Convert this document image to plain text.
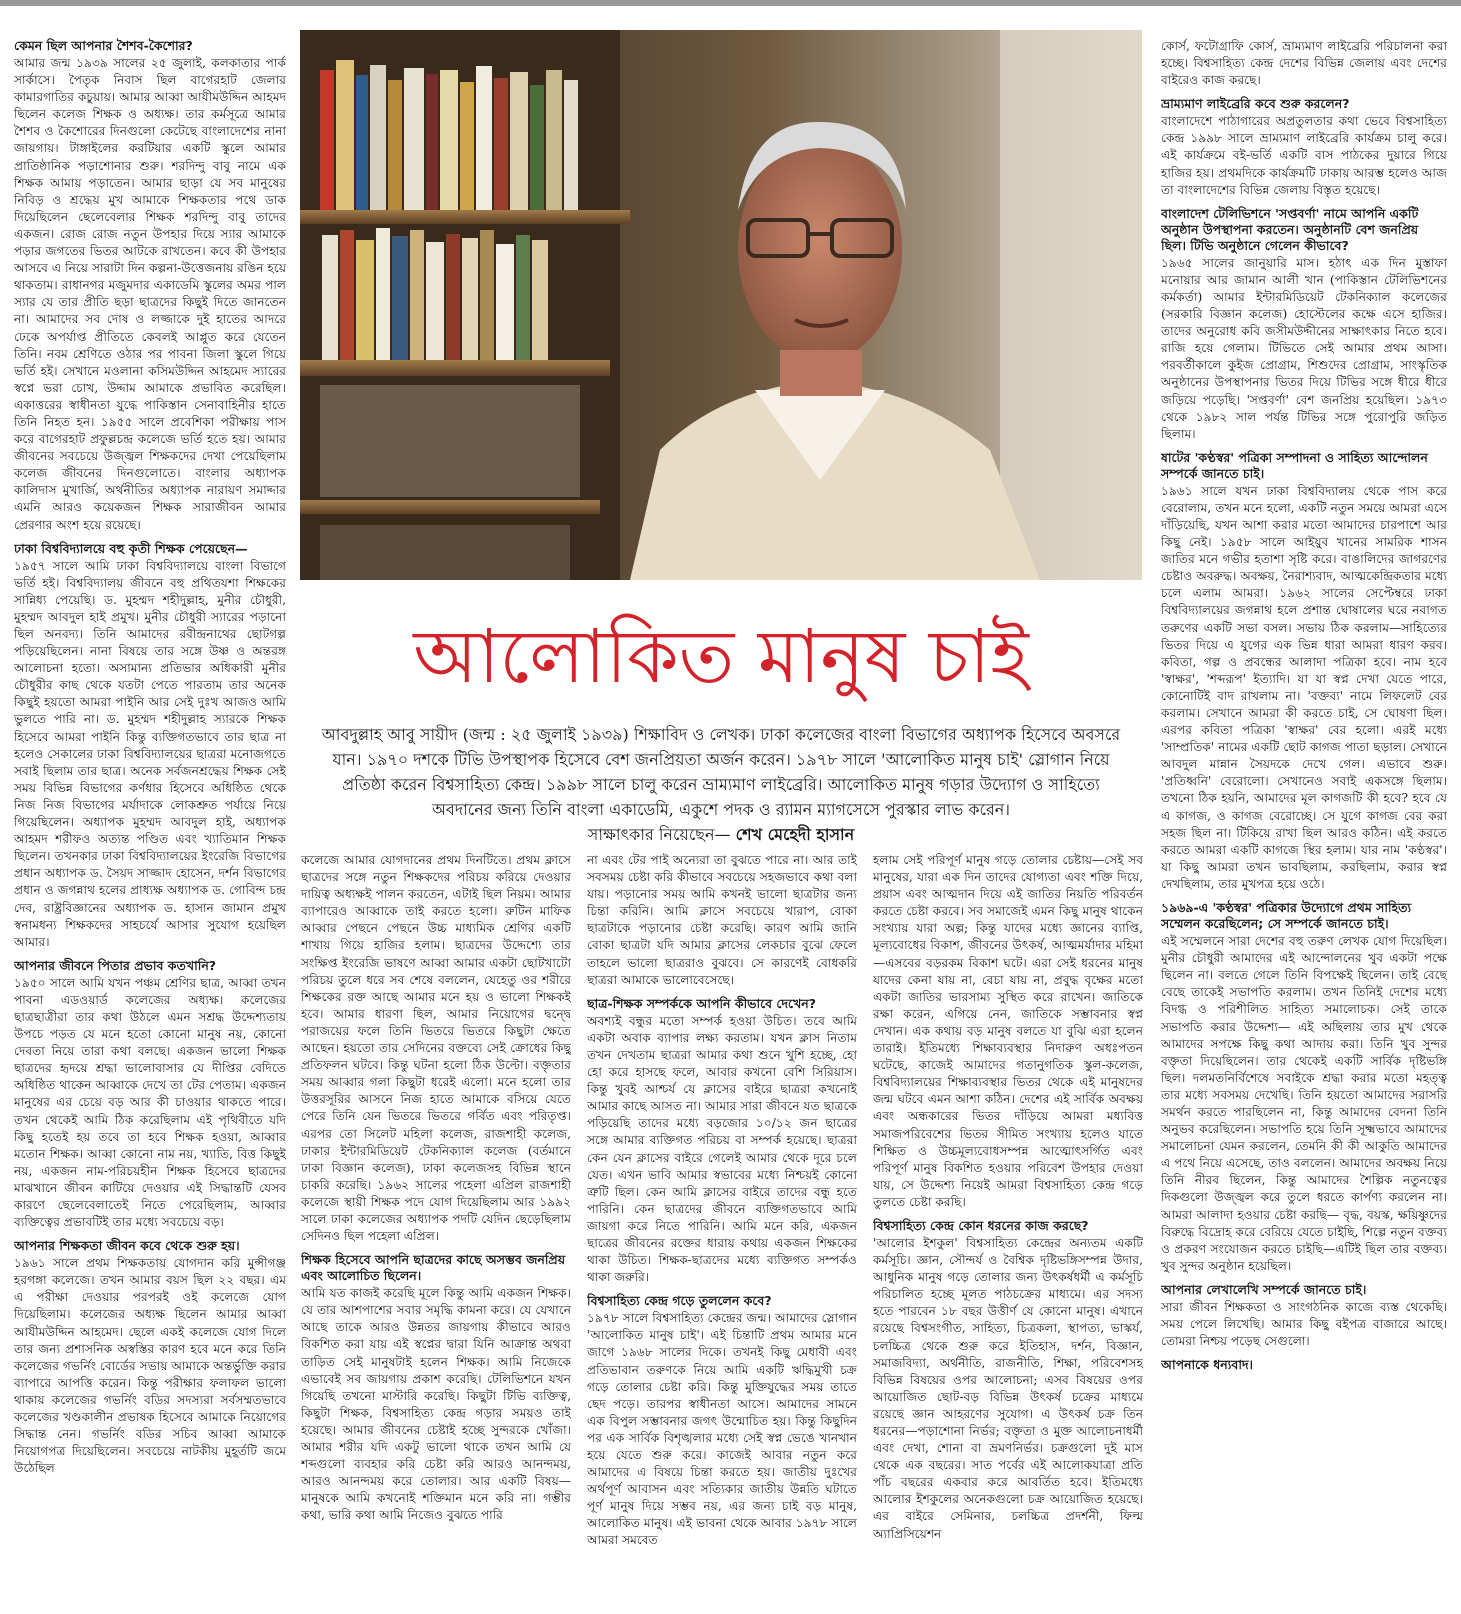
কেমন ছিল আপনার শৈশব-কৈশোর?

আমার জন্ম ১৯৩৯ সালের ২৫ জুলাই, কলকাতার পার্ক সার্কাসে। পৈতৃক নিবাস ছিল বাগেরহাট জেলার কামারগাতির কচুয়ায়। আমার আব্বা আযীমউদ্দিন আহমদ ছিলেন কলেজ শিক্ষক ও অধ্যক্ষ। তার কর্মসূত্রে আমার শৈশব ও কৈশোরের দিনগুলো কেটেছে বাংলাদেশের নানা জায়গায়। টাঙ্গাইলের করটিয়ার একটি স্কুলে আমার প্রাতিষ্ঠানিক পড়াশোনার শুরু। শরদিন্দু বাবু নামে এক শিক্ষক আমায় পড়াতেন। আমার ছাড়া যে সব মানুষের নিবিড় ও শ্রদ্ধেয় মুখ আমাকে শিক্ষকতার পথে ডাক দিয়েছিলেন ছেলেবেলার শিক্ষক শরদিন্দু বাবু তাদের একজন। রোজ রোজ নতুন উপহার দিয়ে স্যার আমাকে পড়ার জগতের ভিতর আটকে রাখতেন। কবে কী উপহার আসবে এ নিয়ে সারাটা দিন কল্পনা-উত্তেজনায় রঙিন হয়ে থাকতাম। রাধানগর মজুমদার একাডেমি স্কুলের অমর পাল স্যার যে তার প্রীতি ছড়া ছাত্রদের কিছুই দিতে জানতেন না। আমাদের সব দোষ ও লজ্জাকে দুই হাতের আদরে ঢেকে অপর্যাপ্ত প্রীতিতে কেবলই আপ্লুত করে যেতেন তিনি। নবম শ্রেণিতে ওঠার পর পাবনা জিলা স্কুলে গিয়ে ভর্তি হই। সেখানে মওলানা কসিমউদ্দিন আহমেদ স্যারের স্বপ্নে ভরা চোখ, উদ্দাম আমাকে প্রভাবিত করেছিল। একাত্তরের স্বাধীনতা যুদ্ধে পাকিস্তান সেনাবাহিনীর হাতে তিনি নিহত হন। ১৯৫৫ সালে প্রবেশিকা পরীক্ষায় পাস করে বাগেরহাট প্রফুল্লচন্দ্র কলেজে ভর্তি হতে হয়। আমার জীবনের সবচেয়ে উজ্জ্বল শিক্ষকদের দেখা পেয়েছিলাম কলেজ জীবনের দিনগুলোতে। বাংলার অধ্যাপক কালিদাস মুখার্জি, অর্থনীতির অধ্যাপক নারায়ণ সমাদ্দার এমনি আরও কয়েকজন শিক্ষক সারাজীবন আমার প্রেরণার অংশ হয়ে রয়েছে।

ঢাকা বিশ্ববিদ্যালয়ে বহু কৃতী শিক্ষক পেয়েছেন—

১৯৫৭ সালে আমি ঢাকা বিশ্ববিদ্যালয়ে বাংলা বিভাগে ভর্তি হই। বিশ্ববিদ্যালয় জীবনে বহু প্রথিতযশা শিক্ষকের সান্নিধ্য পেয়েছি। ড. মুহম্মদ শহীদুল্লাহ, মুনীর চৌধুরী, মুহম্মদ আবদুল হাই প্রমুখ। মুনীর চৌধুরী স্যারের পড়ানো ছিল অনবদ্য। তিনি আমাদের রবীন্দ্রনাথের ছোটগল্প পড়িয়েছিলেন। নানা বিষয়ে তার সঙ্গে উষ্ণ ও অন্তরঙ্গ আলোচনা হতো। অসামান্য প্রতিভার অধিকারী মুনীর চৌধুরীর কাছ থেকে যতটা পেতে পারতাম তার অনেক কিছুই হয়তো আমরা পাইনি আর সেই দুঃখ আজও আমি ভুলতে পারি না। ড. মুহম্মদ শহীদুল্লাহ স্যারকে শিক্ষক হিসেবে আমরা পাইনি কিন্তু ব্যক্তিগতভাবে তার ছাত্র না হলেও সেকালের ঢাকা বিশ্ববিদ্যালয়ের ছাত্ররা মনোজগতে সবাই ছিলাম তার ছাত্র। অনেক সর্বজনশ্রদ্ধেয় শিক্ষক সেই সময় বিভিন্ন বিভাগের কর্ণধার হিসেবে অধিষ্ঠিত থেকে নিজ নিজ বিভাগের মর্যাদাকে লোকশ্রুত পর্যায়ে নিয়ে গিয়েছিলেন। অধ্যাপক মুহম্মদ আবদুল হাই, অধ্যাপক আহমদ শরীফও অত্যন্ত পণ্ডিত এবং খ্যাতিমান শিক্ষক ছিলেন। তখনকার ঢাকা বিশ্ববিদ্যালয়ের ইংরেজি বিভাগের প্রধান অধ্যাপক ড. সৈয়দ সাজ্জাদ হোসেন, দর্শন বিভাগের প্রধান ও জগন্নাথ হলের প্রাধ্যক্ষ অধ্যাপক ড. গোবিন্দ চন্দ্র দেব, রাষ্ট্রবিজ্ঞানের অধ্যাপক ড. হাসান জামান প্রমুখ স্বনামধন্য শিক্ষকদের সাহচর্যে আসার সুযোগ হয়েছিল আমার।

আপনার জীবনে পিতার প্রভাব কতখানি?

১৯৫০ সালে আমি যখন পঞ্চম শ্রেণির ছাত্র, আব্বা তখন পাবনা এডওয়ার্ড কলেজের অধ্যক্ষ। কলেজের ছাত্রছাত্রীরা তার কথা উঠলে এমন সশ্রদ্ধ উদ্দেশ্যতায় উপচে পড়ত যে মনে হতো কোনো মানুষ নয়, কোনো দেবতা নিয়ে তারা কথা বলছে। একজন ভালো শিক্ষক ছাত্রদের হৃদয়ে শ্রদ্ধা ভালোবাসার যে দীপ্তির বেদিতে অধিষ্ঠিত থাকেন আব্বাকে দেখে তা টের পেতাম। একজন মানুষের এর চেয়ে বড় আর কী চাওয়ার থাকতে পারে। তখন থেকেই আমি ঠিক করেছিলাম এই পৃথিবীতে যদি কিছু হতেই হয় তবে তা হবে শিক্ষক হওয়া, আব্বার মতোন শিক্ষক। আব্বা কোনো নাম নয়, খ্যাতি, বিত্ত কিছুই নয়, একজন নাম-পরিচয়হীন শিক্ষক হিসেবে ছাত্রদের মাঝখানে জীবন কাটিয়ে দেওয়ার এই সিদ্ধান্তটি যেসব কারণে ছেলেবেলাতেই নিতে পেরেছিলাম, আব্বার ব্যক্তিত্বের প্রভাবটিই তার মধ্যে সবচেয়ে বড়।

আপনার শিক্ষকতা জীবন কবে থেকে শুরু হয়।

১৯৬১ সালে প্রথম শিক্ষকতায় যোগদান করি মুন্সীগঞ্জ হরগঙ্গা কলেজে। তখন আমার বয়স ছিল ২২ বছর। এম এ পরীক্ষা দেওয়ার পরপরই ওই কলেজে যোগ দিয়েছিলাম। কলেজের অধ্যক্ষ ছিলেন আমার আব্বা আযীমউদ্দিন আহমেদ। ছেলে একই কলেজে যোগ দিলে তার জন্য প্রশাসনিক অস্বস্তির কারণ হবে মনে করে তিনি কলেজের গভর্নিং বোর্ডের সভায় আমাকে অন্তর্ভুক্তি করার ব্যাপারে আপত্তি করেন। কিন্তু পরীক্ষার ফলাফল ভালো থাকায় কলেজের গভর্নিং বডির সদস্যরা সর্বসম্মতভাবে কলেজের খণ্ডকালীন প্রভাষক হিসেবে আমাকে নিয়োগের সিদ্ধান্ত নেন। গভর্নিং বডির সচিব আব্বা আমাকে নিয়োগপত্র দিয়েছিলেন। সবচেয়ে নাটকীয় মুহূর্তটি জমে উঠেছিল

আলোকিত মানুষ চাই

আবদুল্লাহ আবু সায়ীদ (জন্ম : ২৫ জুলাই ১৯৩৯) শিক্ষাবিদ ও লেখক। ঢাকা কলেজের বাংলা বিভাগের অধ্যাপক হিসেবে অবসরে যান। ১৯৭০ দশকে টিভি উপস্থাপক হিসেবে বেশ জনপ্রিয়তা অর্জন করেন। ১৯৭৮ সালে 'আলোকিত মানুষ চাই' স্লোগান নিয়ে প্রতিষ্ঠা করেন বিশ্বসাহিত্য কেন্দ্র। ১৯৯৮ সালে চালু করেন ভ্রাম্যমাণ লাইব্রেরি। আলোকিত মানুষ গড়ার উদ্যোগ ও সাহিত্যে অবদানের জন্য তিনি বাংলা একাডেমি, একুশে পদক ও র‍্যামন ম্যাগসেসে পুরস্কার লাভ করেন।

সাক্ষাৎকার নিয়েছেন— শেখ মেহেদী হাসান

কলেজে আমার যোগদানের প্রথম দিনটিতে। প্রথম ক্লাসে ছাত্রদের সঙ্গে নতুন শিক্ষকদের পরিচয় করিয়ে দেওয়ার দায়িত্ব অধ্যক্ষই পালন করতেন, এটাই ছিল নিয়ম। আমার ব্যাপারেও আব্বাকে তাই করতে হলো। রুটিন মাফিক আব্বার পেছনে পেছনে উচ্চ মাধ্যমিক শ্রেণির একটি শাখায় গিয়ে হাজির হলাম। ছাত্রদের উদ্দেশ্যে তার সংক্ষিপ্ত ইংরেজি ভাষণে আব্বা আমার একটা ছোটখাটো পরিচয় তুলে ধরে সব শেষে বললেন, যেহেতু ওর শরীরে শিক্ষকের রক্ত আছে আমার মনে হয় ও ভালো শিক্ষকই হবে। আমার ধারণা ছিল, আমার নিয়োগের দ্বন্দ্বে পরাজয়ের ফলে তিনি ভিতরে ভিতরে কিছুটা ক্ষেতে আছেন। হয়তো তার সেদিনের বক্তব্যে সেই ক্রোধের কিছু প্রতিফলন ঘটবে। কিন্তু ঘটনা হলো ঠিক উল্টো। বক্তৃতার সময় আব্বার গলা কিছুটা ধরেই এলো। মনে হলো তার উত্তরসূরির আসনে নিজ হাতে আমাকে বসিয়ে যেতে পেরে তিনি যেন ভিতরে ভিতরে গর্বিত এবং পরিতৃপ্ত। এরপর তো সিলেট মহিলা কলেজ, রাজশাহী কলেজ, ঢাকার ইন্টারমিডিয়েট টেকনিক্যাল কলেজ (বর্তমানে ঢাকা বিজ্ঞান কলেজ), ঢাকা কলেজসহ বিভিন্ন স্থানে চাকরি করেছি। ১৯৬২ সালের পহেলা এপ্রিল রাজশাহী কলেজে স্থায়ী শিক্ষক পদে যোগ দিয়েছিলাম আর ১৯৯২ সালে ঢাকা কলেজের অধ্যাপক পদটি যেদিন ছেড়েছিলাম সেদিনও ছিল পহেলা এপ্রিল।

শিক্ষক হিসেবে আপনি ছাত্রদের কাছে অসম্ভব জনপ্রিয় এবং আলোচিত ছিলেন।

আমি যত কাজই করেছি মূলে কিন্তু আমি একজন শিক্ষক। যে তার আশপাশের সবার সমৃদ্ধি কামনা করে। যে যেখানে আছে তাকে আরও উন্নতর জায়গায় কীভাবে আরও বিকশিত করা যায় এই স্বপ্নের দ্বারা যিনি আক্রান্ত অথবা তাড়িত সেই মানুষটাই হলেন শিক্ষক। আমি নিজেকে এভাবেই সব জায়গায় প্রকাশ করেছি। টেলিভিশনে যখন গিয়েছি তখনো মাস্টারি করেছি। কিছুটা টিভি ব্যক্তিত্ব, কিছুটা শিক্ষক, বিশ্বসাহিত্য কেন্দ্র গড়ার সময়ও তাই হয়েছে। আমার জীবনের চেষ্টাই হচ্ছে সুন্দরকে খোঁজা। আমার শরীর যদি একটু ভালো থাকে তখন আমি যে শব্দগুলো ব্যবহার করি চেষ্টা করি আরও আনন্দময়, আরও আনন্দময় করে তোলার। আর একটি বিষয়—মানুষকে আমি কখনোই শক্তিমান মনে করি না। গম্ভীর কথা, ভারি কথা আমি নিজেও বুঝতে পারি

না এবং টের পাই অন্যেরা তা বুঝতে পারে না। আর তাই সবসময় চেষ্টা করি কীভাবে সবচেয়ে সহজভাবে কথা বলা যায়। পড়ানোর সময় আমি কখনই ভালো ছাত্রটার জন্য চিন্তা করিনি। আমি ক্লাসে সবচেয়ে খারাপ, বোকা ছাত্রটাকে পড়ানোর চেষ্টা করেছি। কারণ আমি জানি বোকা ছাত্রটা যদি আমার ক্লাসের লেকচার বুঝে ফেলে তাহলে ভালো ছাত্ররাও বুঝবে। সে কারণেই বোধকরি ছাত্ররা আমাকে ভালোবেসেছে।

ছাত্র-শিক্ষক সম্পর্ককে আপনি কীভাবে দেখেন?

অবশ্যই বন্ধুর মতো সম্পর্ক হওয়া উচিত। তবে আমি একটা অবাক ব্যাপার লক্ষ্য করতাম। যখন ক্লাস নিতাম তখন দেখতাম ছাত্ররা আমার কথা শুনে খুশি হচ্ছে, হো হো করে হাসছে ফলে, আবার কখনো বেশি সিরিয়াস। কিন্তু খুবই আশ্চর্য যে ক্লাসের বাইরে ছাত্ররা কখনোই আমার কাছে আসত না। আমার সারা জীবনে যত ছাত্রকে পড়িয়েছি তাদের মধ্যে বড়জোর ১০/১২ জন ছাত্রের সঙ্গে আমার ব্যক্তিগত পরিচয় বা সম্পর্ক হয়েছে। ছাত্ররা কেন যেন ক্লাসের বাইরে গেলেই আমার থেকে দূরে চলে যেত। এখন ভাবি আমার স্বভাবের মধ্যে নিশ্চয়ই কোনো ত্রুটি ছিল। কেন আমি ক্লাসের বাইরে তাদের বন্ধু হতে পারিনি। কেন ছাত্রদের জীবনে ব্যক্তিগতভাবে আমি জায়গা করে নিতে পারিনি। আমি মনে করি, একজন ছাত্রের জীবনের রক্তের ধারায় কথায় একজন শিক্ষকের থাকা উচিত। শিক্ষক-ছাত্রদের মধ্যে ব্যক্তিগত সম্পর্কও থাকা জরুরি।

বিশ্বসাহিত্য কেন্দ্র গড়ে তুললেন কবে?

১৯৭৮ সালে বিশ্বসাহিত্য কেন্দ্রের জন্ম। আমাদের স্লোগান 'আলোকিত মানুষ চাই'। এই চিন্তাটি প্রথম আমার মনে জাগে ১৯৬৮ সালের দিকে। তখনই কিছু মেধাবী এবং প্রতিভাবান তরুণকে নিয়ে আমি একটি ঋদ্ধিমুখী চক্র গড়ে তোলার চেষ্টা করি। কিন্তু মুক্তিযুদ্ধের সময় তাতে ছেদ পড়ে। তারপর স্বাধীনতা আসে। আমাদের সামনে এক বিপুল সম্ভাবনার জগৎ উন্মোচিত হয়। কিন্তু কিছুদিন পর এক সার্বিক বিশৃঙ্খলার মধ্যে সেই স্বপ্ন ভেঙে খানখান হয়ে যেতে শুরু করে। কাজেই আবার নতুন করে আমাদের এ বিষয়ে চিন্তা করতে হয়। জাতীয় দুঃখের অর্থপূর্ণ আবাসন এবং সত্যিকার জাতীয় উন্নতি ঘটাতে পূর্ণ মানুষ দিয়ে সম্ভব নয়, এর জন্য চাই বড় মানুষ, আলোকিত মানুষ। এই ভাবনা থেকে আবার ১৯৭৮ সালে আমরা সমবেত

হলাম সেই পরিপূর্ণ মানুষ গড়ে তোলার চেষ্টায়—সেই সব মানুষের, যারা এক দিন তাদের যোগ্যতা এবং শক্তি দিয়ে, প্রয়াস এবং আত্মদান দিয়ে এই জাতির নিয়তি পরিবর্তন করতে চেষ্টা করবে। সব সমাজেই এমন কিছু মানুষ থাকেন সংখ্যায় যারা অল্প; কিন্তু যাদের মধ্যে জ্ঞানের ব্যাপ্তি, মূল্যবোধের বিকাশ, জীবনের উৎকর্ষ, আত্মমর্যাদার মহিমা—এসবের বড়রকম বিকাশ ঘটে। এরা সেই ধরনের মানুষ যাদের কেনা যায় না, বেচা যায় না, প্রবুদ্ধ বৃক্ষের মতো একটা জাতির ভারসাম্য সুস্থিত করে রাখেন। জাতিকে রক্ষা করেন, এগিয়ে নেন, জাতিকে সম্ভাবনার স্বপ্ন দেখান। এক কথায় বড় মানুষ বলতে যা বুঝি এরা হলেন তারাই। ইতিমধ্যে শিক্ষাব্যবস্থার নিদারুণ অধঃপতন ঘটেছে, কাজেই আমাদের গতানুগতিক স্কুল-কলেজ, বিশ্ববিদ্যালয়ের শিক্ষাব্যবস্থার ভিতর থেকে এই মানুষদের জন্ম ঘটবে এমন আশা কঠিন। দেশের এই সার্বিক অবক্ষয় এবং অন্ধকারের ভিতর দাঁড়িয়ে আমরা মধ্যবিত্ত সমাজপরিবেশের ভিতর সীমিত সংখ্যায় হলেও যাতে শিক্ষিত ও উচ্চমূল্যবোধসম্পন্ন আত্মোৎসর্গিত এবং পরিপূর্ণ মানুষ বিকশিত হওয়ার পরিবেশ উপহার দেওয়া যায়, সে উদ্দেশ্য নিয়েই আমরা বিশ্বসাহিত্য কেন্দ্র গড়ে তুলতে চেষ্টা করছি।

বিশ্বসাহিত্য কেন্দ্র কোন ধরনের কাজ করছে?

'আলোর ইশকুল' বিশ্বসাহিত্য কেন্দ্রের অন্যতম একটি কর্মসূচি। জ্ঞান, সৌন্দর্য ও বৈশ্বিক দৃষ্টিভঙ্গিসম্পন্ন উদার, আধুনিক মানুষ গড়ে তোলার জন্য উৎকর্ষধর্মী এ কর্মসূচি পরিচালিত হচ্ছে মূলত পাঠচক্রের মাধ্যমে। এর সদস্য হতে পারবেন ১৮ বছর উত্তীর্ণ যে কোনো মানুষ। এখানে রয়েছে বিশ্বসংগীত, সাহিত্য, চিত্রকলা, স্থাপত্য, ভাস্কর্য, চলচ্চিত্র থেকে শুরু করে ইতিহাস, দর্শন, বিজ্ঞান, সমাজবিদ্যা, অর্থনীতি, রাজনীতি, শিক্ষা, পরিবেশসহ বিভিন্ন বিষয়ের ওপর আলোচনা; এসব বিষয়ের ওপর আয়োজিত ছোট-বড় বিভিন্ন উৎকর্ষ চক্রের মাধ্যমে রয়েছে জ্ঞান আহরণের সুযোগ। এ উৎকর্ষ চক্র তিন ধরনের—পড়াশোনা নির্ভর; বক্তৃতা ও মুক্ত আলোচনাধর্মী এবং দেখা, শোনা বা ভ্রমণনির্ভর। চক্রগুলো দুই মাস থেকে এক বছরের। সাত পর্বের এই আলোকযাত্রা প্রতি পাঁচ বছরের একবার করে আবর্তিত হবে। ইতিমধ্যে আলোর ইশকুলের অনেকগুলো চক্র আয়োজিত হয়েছে। এর বাইরে সেমিনার, চলচ্চিত্র প্রদর্শনী, ফিল্ম অ্যাপ্রিসিয়েশন

কোর্স, ফটোগ্রাফি কোর্স, ভ্রাম্যমাণ লাইব্রেরি পরিচালনা করা হচ্ছে। বিশ্বসাহিত্য কেন্দ্র দেশের বিভিন্ন জেলায় এবং দেশের বাইরেও কাজ করছে।

ভ্রাম্যমাণ লাইব্রেরি কবে শুরু করলেন?

বাংলাদেশে পাঠাগারের অপ্রতুলতার কথা ভেবে বিশ্বসাহিত্য কেন্দ্র ১৯৯৮ সালে ভ্রাম্যমাণ লাইব্রেরি কার্যক্রম চালু করে। এই কার্যক্রমে বই-ভর্তি একটি বাস পাঠকের দুয়ারে গিয়ে হাজির হয়। প্রথমদিকে কার্যক্রমটি ঢাকায় আরম্ভ হলেও আজ তা বাংলাদেশের বিভিন্ন জেলায় বিস্তৃত হয়েছে।

বাংলাদেশ টেলিভিশনে 'সপ্তবর্ণা' নামে আপনি একটি অনুষ্ঠান উপস্থাপনা করতেন। অনুষ্ঠানটি বেশ জনপ্রিয় ছিল। টিভি অনুষ্ঠানে গেলেন কীভাবে?

১৯৬৫ সালের জানুয়ারি মাস। হঠাৎ এক দিন মুস্তাফা মনোয়ার আর জামান আলী খান (পাকিস্তান টেলিভিশনের কর্মকর্তা) আমার ইন্টারমিডিয়েট টেকনিক্যাল কলেজের (সরকারি বিজ্ঞান কলেজ) হোস্টেলের কক্ষে এসে হাজির। তাদের অনুরোধ কবি জসীমউদ্দীনের সাক্ষাৎকার নিতে হবে। রাজি হয়ে গেলাম। টিভিতে সেই আমার প্রথম আসা। পরবর্তীকালে কুইজ প্রোগ্রাম, শিশুদের প্রোগ্রাম, সাংস্কৃতিক অনুষ্ঠানের উপস্থাপনার ভিতর দিয়ে টিভির সঙ্গে ধীরে ধীরে জড়িয়ে পড়েছি। 'সপ্তবর্ণা' বেশ জনপ্রিয় হয়েছিল। ১৯৭৩ থেকে ১৯৮২ সাল পর্যন্ত টিভির সঙ্গে পুরোপুরি জড়িত ছিলাম।

ষাটের 'কণ্ঠস্বর' পত্রিকা সম্পাদনা ও সাহিত্য আন্দোলন সম্পর্কে জানতে চাই।

১৯৬১ সালে যখন ঢাকা বিশ্ববিদ্যালয় থেকে পাস করে বেরোলাম, তখন মনে হলো, একটি নতুন সময়ে আমরা এসে দাঁড়িয়েছি, যখন আশা করার মতো আমাদের চারপাশে আর কিছু নেই। ১৯৫৮ সালে আইয়ুব খানের সামরিক শাসন জাতির মনে গভীর হতাশা সৃষ্টি করে। বাঙালিদের জাগরণের চেষ্টাও অবরুদ্ধ। অবক্ষয়, নৈরাশ্যবাদ, আত্মকেন্দ্রিকতার মধ্যে চলে এলাম আমরা। ১৯৬২ সালের সেপ্টেম্বরে ঢাকা বিশ্ববিদ্যালয়ের জগন্নাথ হলে প্রশান্ত ঘোষালের ঘরে নবাগত তরুণের একটি সভা বসল। সভায় ঠিক করলাম—সাহিত্যের ভিতর দিয়ে এ যুগের এক ভিন্ন ধারা আমরা ধারণ করব। কবিতা, গল্প ও প্রবন্ধের আলাদা পত্রিকা হবে। নাম হবে 'স্বাক্ষর', 'শব্দরূপ' ইত্যাদি। যা যা স্বপ্ন দেখা যেতে পারে, কোনোটিই বাদ রাখলাম না। 'বক্তব্য' নামে লিফলেট বের করলাম। সেখানে আমরা কী করতে চাই, সে ঘোষণা ছিল। এরপর কবিতা পত্রিকা 'স্বাক্ষর' বের হলো। এরই মধ্যে 'সাম্প্রতিক' নামের একটি ছোট কাগজ পাতা ছড়াল। সেখানে আবদুল মান্নান সৈয়দকে দেখে গেল। এভাবে শুরু। 'প্রতিধ্বনি' বেরোলো। সেখানেও সবাই একসঙ্গে ছিলাম। তখনো ঠিক হয়নি, আমাদের মূল কাগজটি কী হবে? হবে যে এ কাগজ, ও কাগজ বেরোচ্ছে। সে যুগে কাগজ বের করা সহজ ছিল না। টিকিয়ে রাখা ছিল আরও কঠিন। এই করতে করতে আমরা একটি কাগজে স্থির হলাম। যার নাম 'কণ্ঠস্বর'। যা কিছু আমরা তখন ভাবছিলাম, করছিলাম, করার স্বপ্ন দেখছিলাম, তার মুখপত্র হয়ে ওঠে।

১৯৬৯-এ 'কণ্ঠস্বর' পত্রিকার উদ্যোগে প্রথম সাহিত্য সম্মেলন করেছিলেন; সে সম্পর্কে জানতে চাই।

এই সম্মেলনে সারা দেশের বহু তরুণ লেখক যোগ দিয়েছিল। মুনীর চৌধুরী আমাদের এই আন্দোলনের খুব একটা পক্ষে ছিলেন না। বলতে গেলে তিনি বিপক্ষেই ছিলেন। তাই বেছে বেছে তাকেই সভাপতি করলাম। তখন তিনিই দেশের মধ্যে বিদগ্ধ ও পরিশীলিত সাহিত্য সমালোচক। সেই তাকে সভাপতি করার উদ্দেশ্য— এই অছিলায় তার মুখ থেকে আমাদের সপক্ষে কিছু কথা আদায় করা। তিনি খুব সুন্দর বক্তৃতা দিয়েছিলেন। তার থেকেই একটি সার্বিক দৃষ্টিভঙ্গি ছিল। দলমতনির্বিশেষে সবাইকে শ্রদ্ধা করার মতো মহত্ত্ব তার মধ্যে সবসময় দেখেছি। তিনি হয়তো আমাদের সরাসরি সমর্থন করতে পারছিলেন না, কিন্তু আমাদের বেদনা তিনি অনুভব করেছিলেন। সভাপতি হয়ে তিনি সূক্ষ্মভাবে আমাদের সমালোচনা যেমন করলেন, তেমনি কী কী আকুতি আমাদের এ পথে নিয়ে এসেছে, তাও বললেন। আমাদের অবক্ষয় নিয়ে তিনি নীরব ছিলেন, কিন্তু আমাদের শৈল্পিক নতুনত্বের দিকগুলো উজ্জ্বল করে তুলে ধরতে কার্পণ্য করলেন না। আমরা আলাদা হওয়ার চেষ্টা করছি— বৃদ্ধ, বয়স্ক, ক্ষয়িষ্ণুদের বিরুদ্ধে বিদ্রোহ করে বেরিয়ে যেতে চাইছি, শিল্পে নতুন বক্তব্য ও প্রকরণ সংযোজন করতে চাইছি—এটিই ছিল তার বক্তব্য। খুব সুন্দর অনুষ্ঠান হয়েছিল।

আপনার লেখালেখি সম্পর্কে জানতে চাই।

সারা জীবন শিক্ষকতা ও সাংগঠনিক কাজে ব্যস্ত থেকেছি। সময় পেলে লিখেছি। আমার কিছু বইপত্র বাজারে আছে। তোমরা নিশ্চয় পড়েছ সেগুলো।

আপনাকে ধন্যবাদ।
